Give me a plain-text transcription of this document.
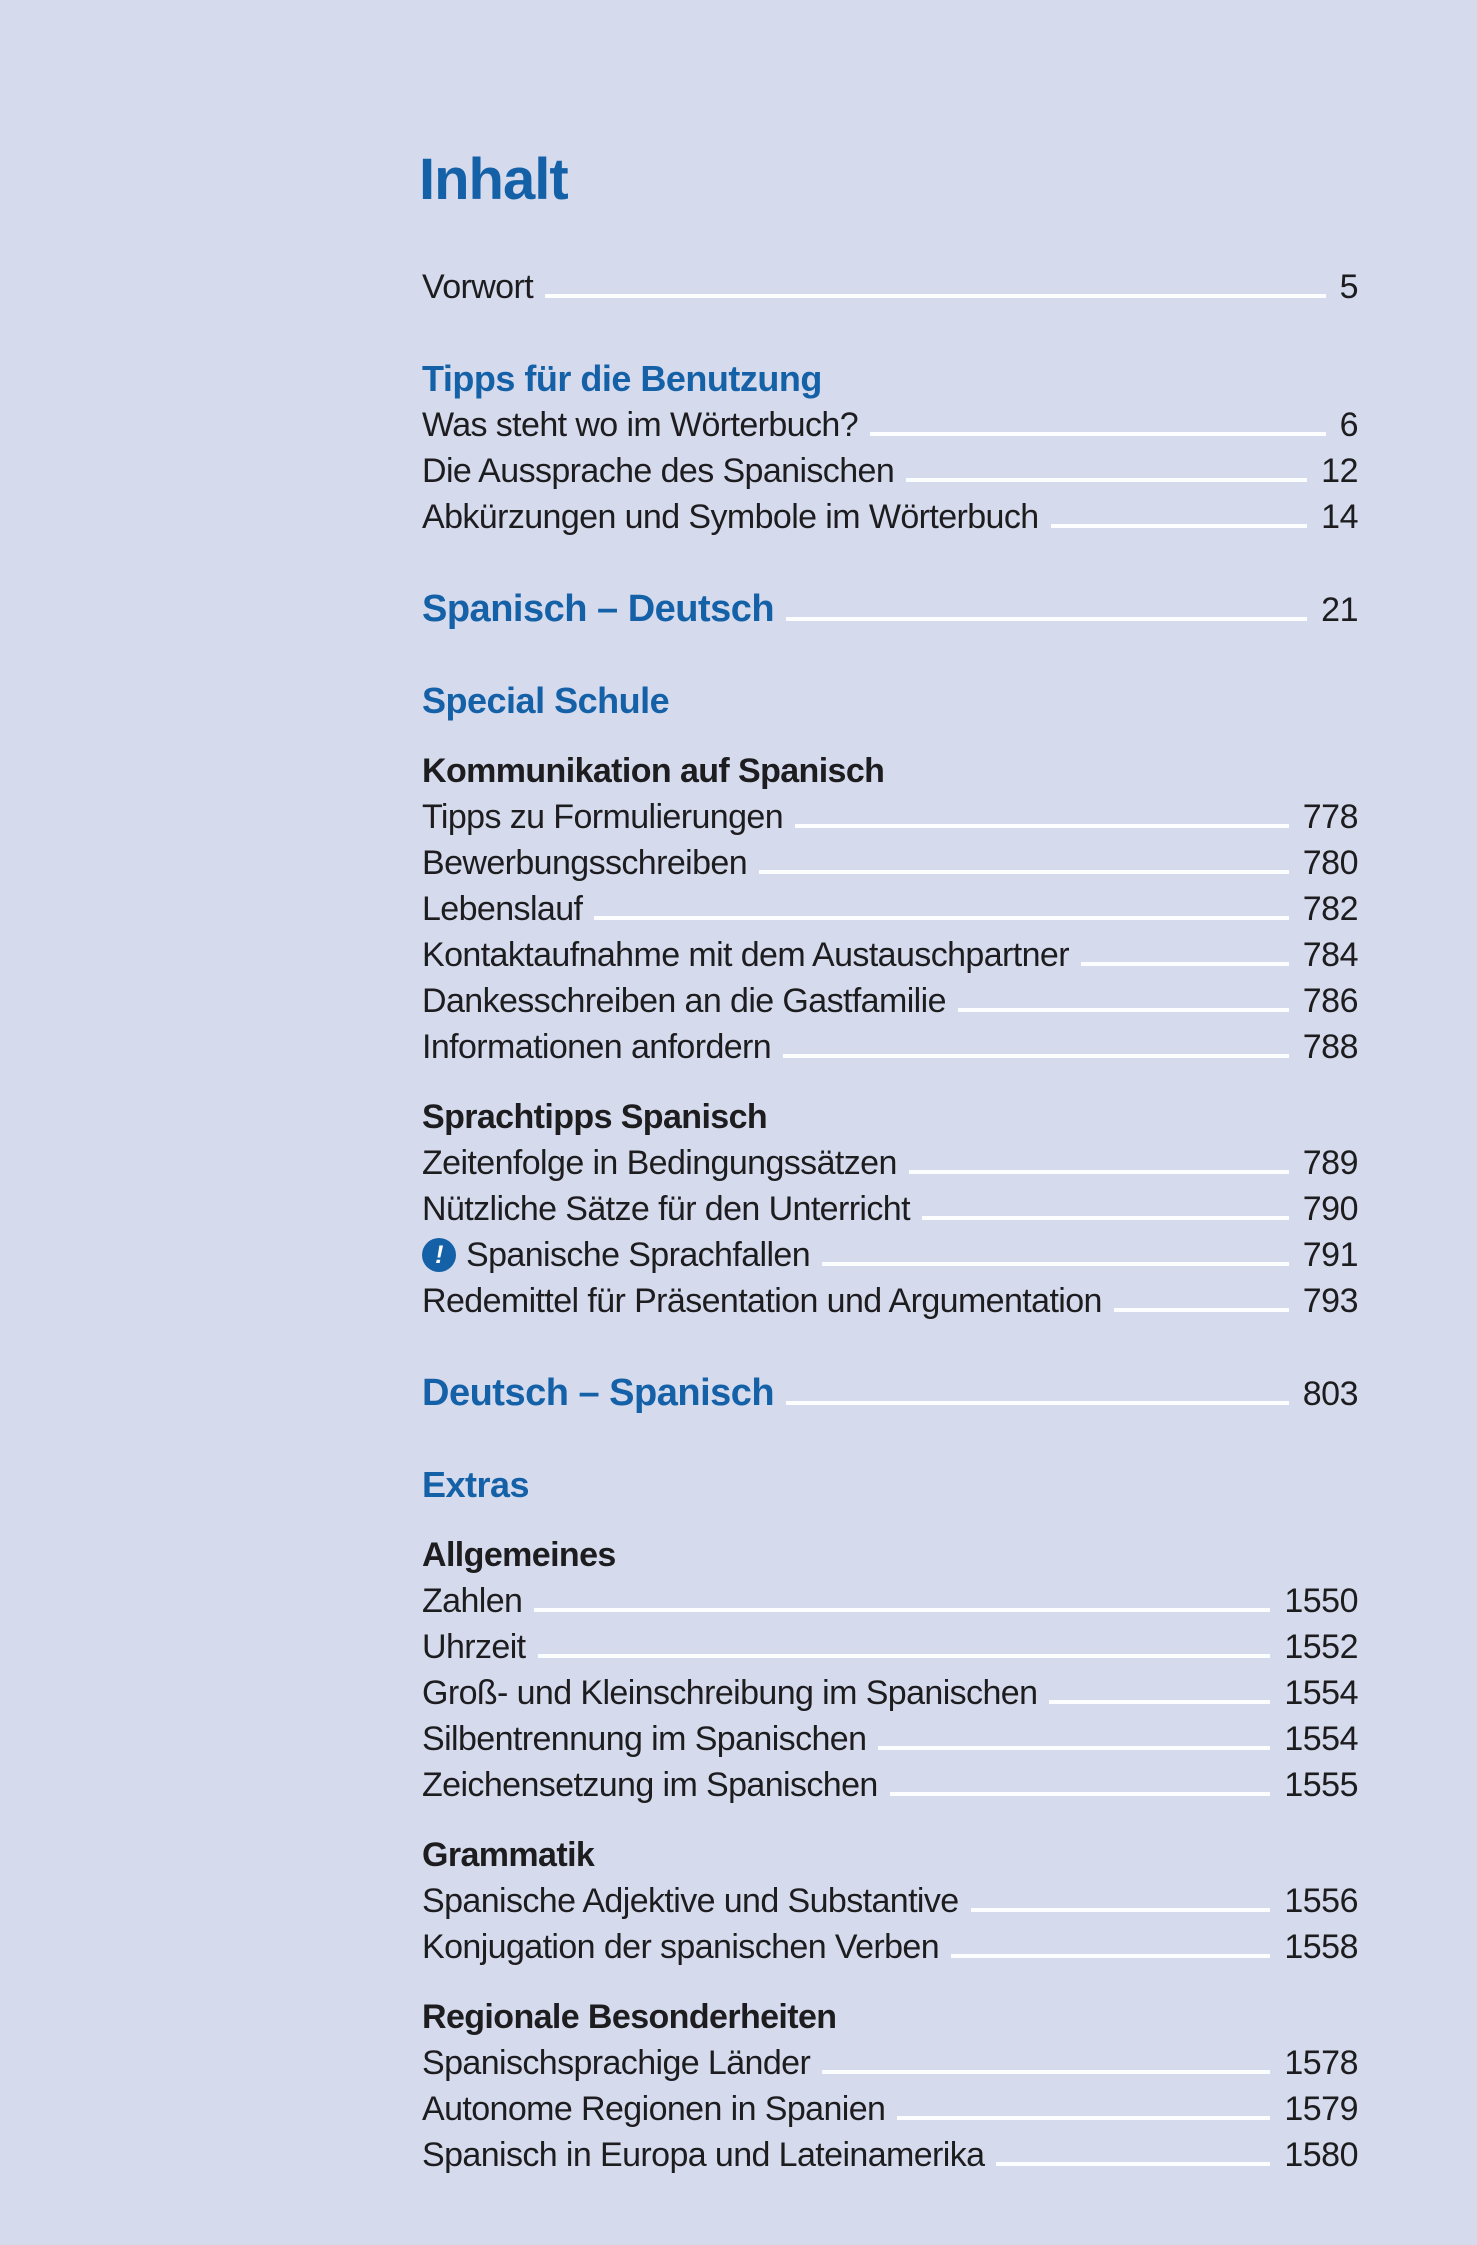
Inhalt
Vorwort	5
Tipps für die Benutzung
Was steht wo im Wörterbuch?	6
Die Aussprache des Spanischen	12
Abkürzungen und Symbole im Wörterbuch	14
Spanisch – Deutsch	21
Special Schule
Kommunikation auf Spanisch
Tipps zu Formulierungen	778
Bewerbungsschreiben	780
Lebenslauf	782
Kontaktaufnahme mit dem Austauschpartner	784
Dankesschreiben an die Gastfamilie	786
Informationen anfordern	788
Sprachtipps Spanisch
Zeitenfolge in Bedingungssätzen	789
Nützliche Sätze für den Unterricht	790
! Spanische Sprachfallen	791
Redemittel für Präsentation und Argumentation	793
Deutsch – Spanisch	803
Extras
Allgemeines
Zahlen	1550
Uhrzeit	1552
Groß- und Kleinschreibung im Spanischen	1554
Silbentrennung im Spanischen	1554
Zeichensetzung im Spanischen	1555
Grammatik
Spanische Adjektive und Substantive	1556
Konjugation der spanischen Verben	1558
Regionale Besonderheiten
Spanischsprachige Länder	1578
Autonome Regionen in Spanien	1579
Spanisch in Europa und Lateinamerika	1580
